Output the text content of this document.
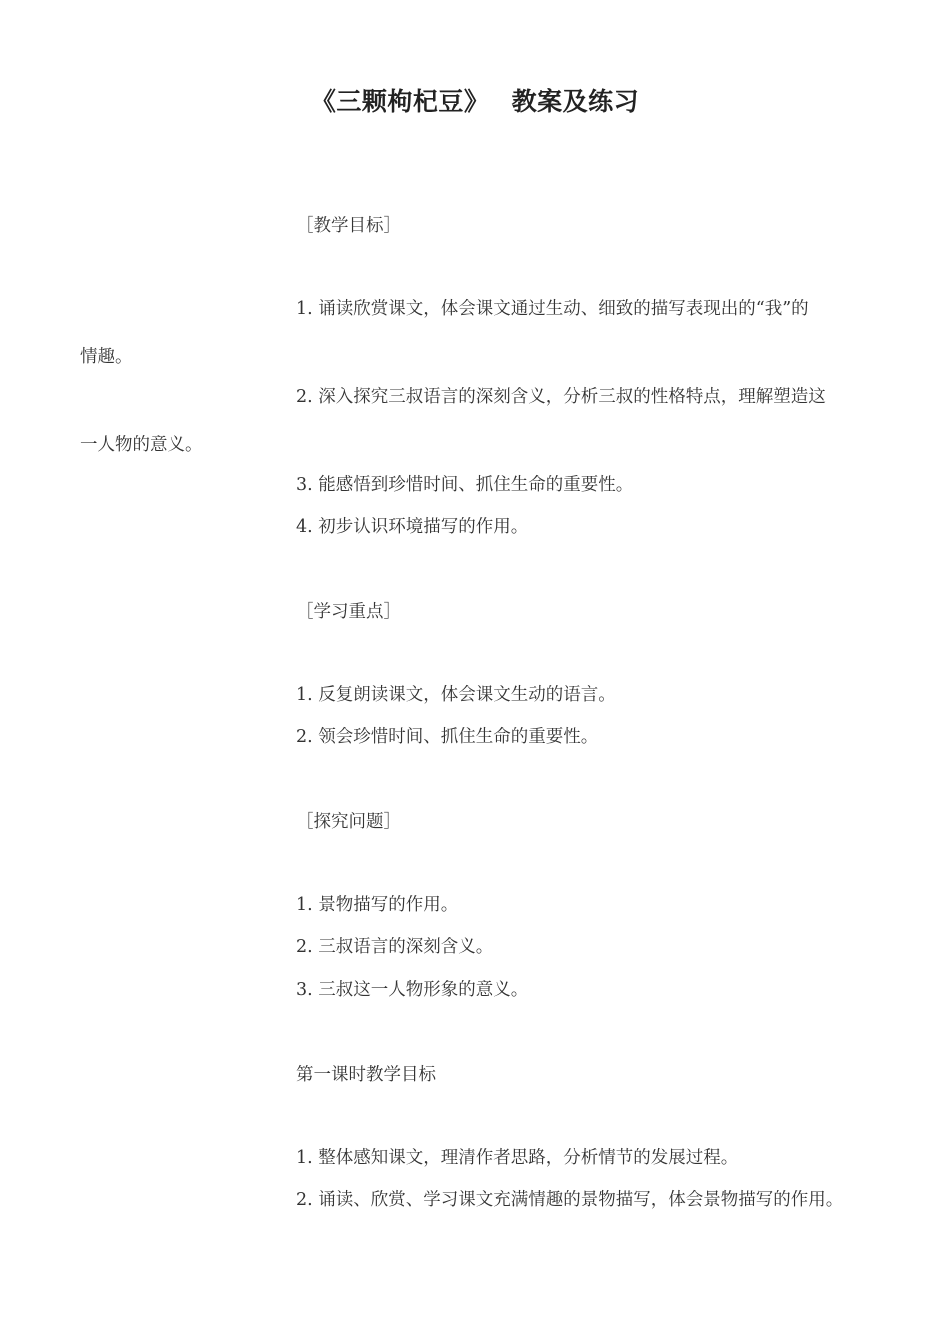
《三颗枸杞豆》　 教案及练习
［教学目标］
1. 诵读欣赏课文，体会课文通过生动、细致的描写表现出的“我”的
情趣。
2. 深入探究三叔语言的深刻含义，分析三叔的性格特点，理解塑造这
一人物的意义。
3. 能感悟到珍惜时间、抓住生命的重要性。
4. 初步认识环境描写的作用。
［学习重点］
1. 反复朗读课文，体会课文生动的语言。
2. 领会珍惜时间、抓住生命的重要性。
［探究问题］
1. 景物描写的作用。
2. 三叔语言的深刻含义。
3. 三叔这一人物形象的意义。
第一课时教学目标
1. 整体感知课文，理清作者思路，分析情节的发展过程。
2. 诵读、欣赏、学习课文充满情趣的景物描写，体会景物描写的作用。
